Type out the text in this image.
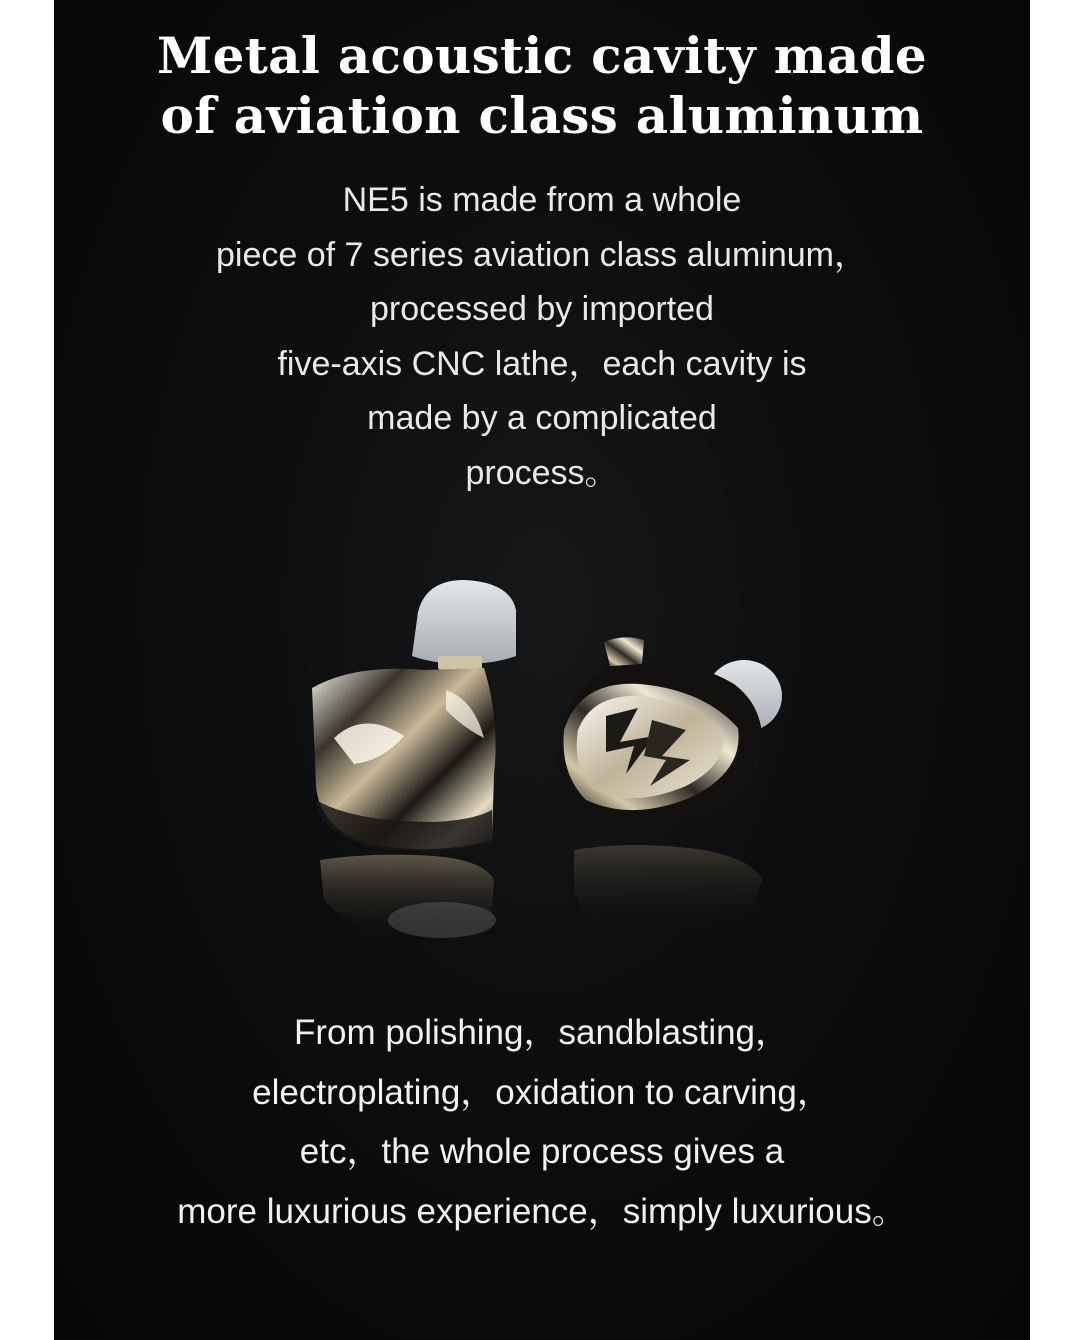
Metal acoustic cavity made
of aviation class aluminum
NE5 is made from a whole
piece of 7 series aviation class aluminum，
processed by imported
five-axis CNC lathe，each cavity is
made by a complicated
process。
From polishing，sandblasting，
electroplating，oxidation to carving，
etc，the whole process gives a
more luxurious experience，simply luxurious。
